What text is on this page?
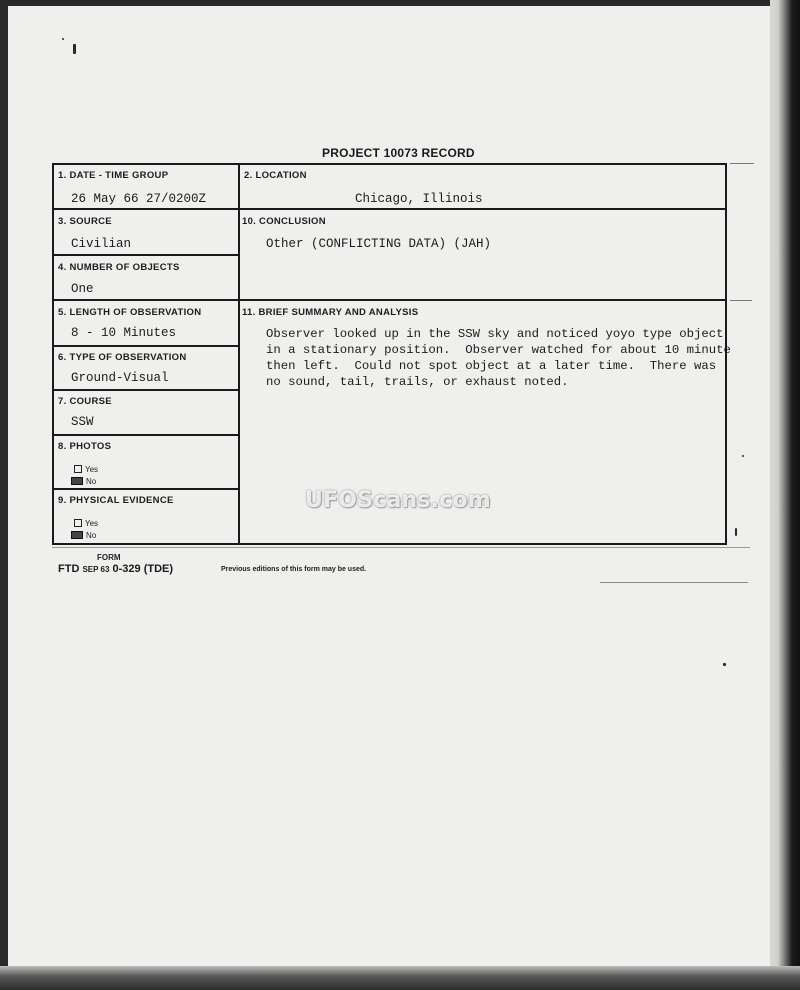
PROJECT 10073 RECORD
1. DATE - TIME GROUP
26 May 66 27/0200Z
2. LOCATION
Chicago, Illinois
3. SOURCE
Civilian
10. CONCLUSION
Other (CONFLICTING DATA) (JAH)
4. NUMBER OF OBJECTS
One
5. LENGTH OF OBSERVATION
8 - 10 Minutes
11. BRIEF SUMMARY AND ANALYSIS
Observer looked up in the SSW sky and noticed yoyo type object
in a stationary position.  Observer watched for about 10 minute
then left.  Could not spot object at a later time.  There was
no sound, tail, trails, or exhaust noted.
6. TYPE OF OBSERVATION
Ground-Visual
7. COURSE
SSW
8. PHOTOS
Yes
No
9. PHYSICAL EVIDENCE
Yes
No
UFOScans.com
FORM
FTD SEP 63 0-329 (TDE)	Previous editions of this form may be used.
